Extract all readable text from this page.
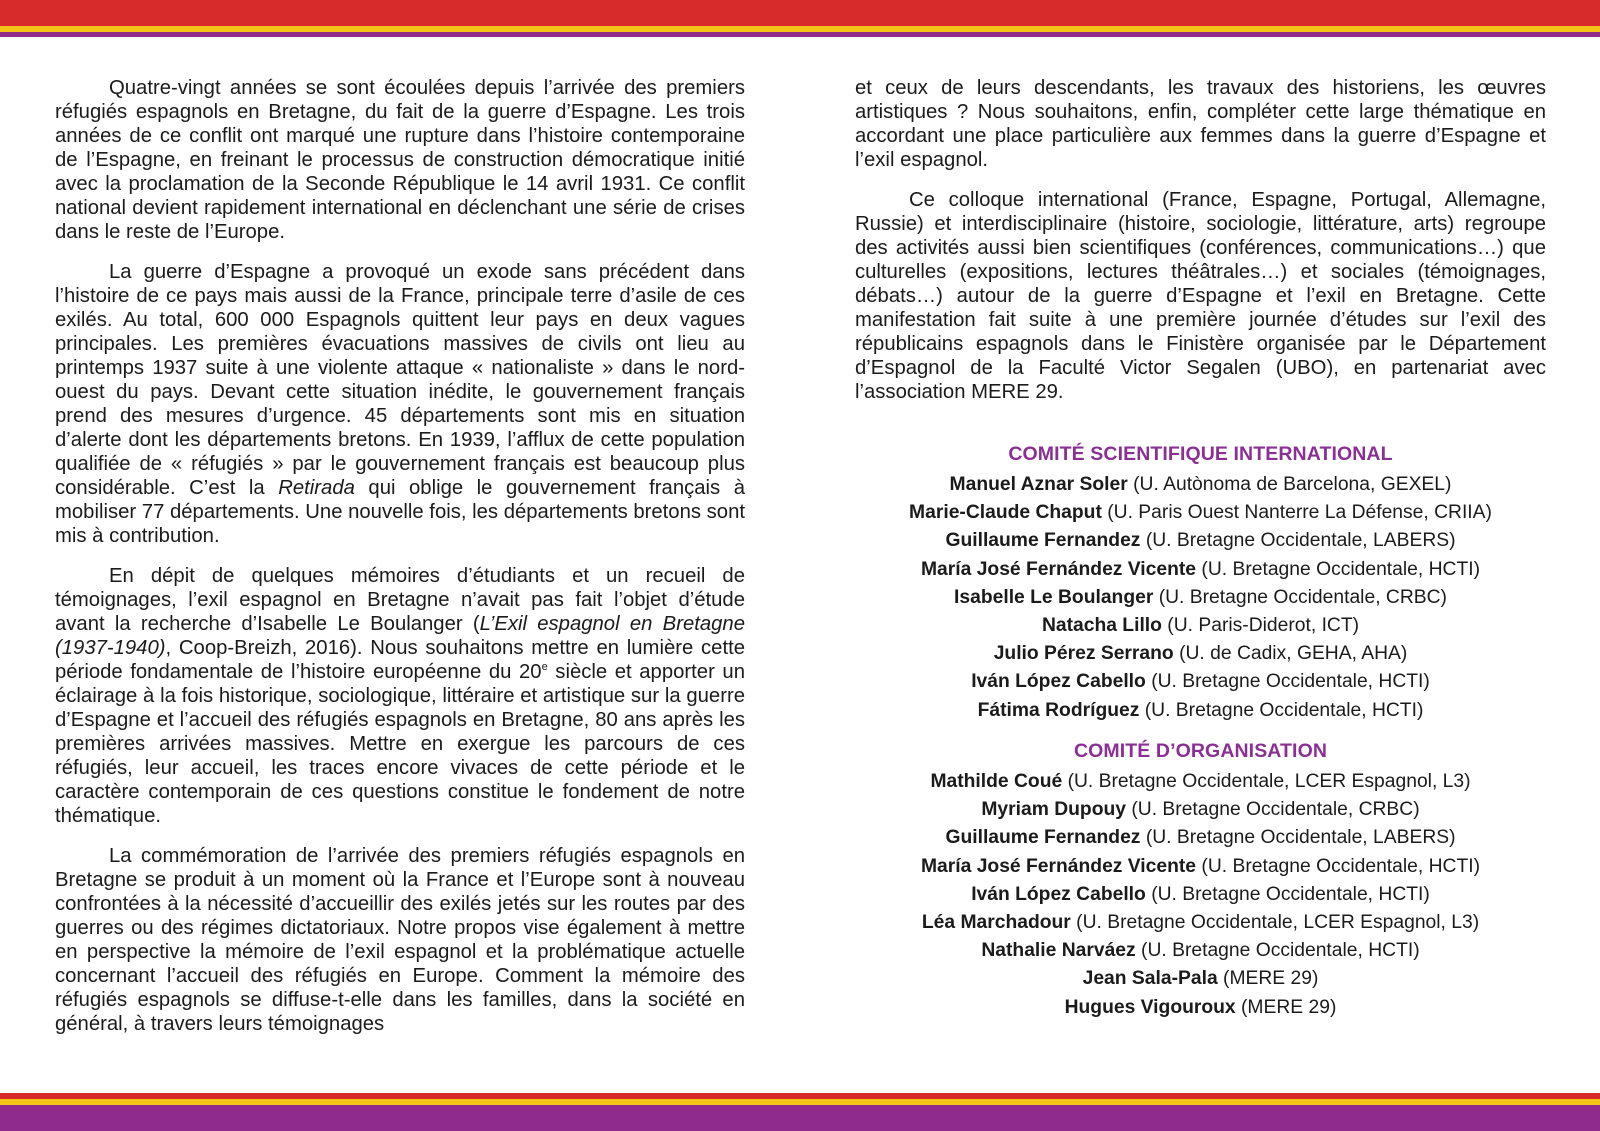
Quatre-vingt années se sont écoulées depuis l’arrivée des premiers réfugiés espagnols en Bretagne, du fait de la guerre d’Espagne. Les trois années de ce conflit ont marqué une rupture dans l’histoire contemporaine de l’Espagne, en freinant le processus de construction démocratique initié avec la proclamation de la Seconde République le 14 avril 1931. Ce conflit national devient rapidement international en déclenchant une série de crises dans le reste de l’Europe.

La guerre d’Espagne a provoqué un exode sans précédent dans l’histoire de ce pays mais aussi de la France, principale terre d’asile de ces exilés. Au total, 600 000 Espagnols quittent leur pays en deux vagues principales. Les premières évacuations massives de civils ont lieu au printemps 1937 suite à une violente attaque « nationaliste » dans le nord-ouest du pays. Devant cette situation inédite, le gouvernement français prend des mesures d’urgence. 45 départements sont mis en situation d’alerte dont les départements bretons. En 1939, l’afflux de cette population qualifiée de « réfugiés » par le gouvernement français est beaucoup plus considérable. C’est la Retirada qui oblige le gouvernement français à mobiliser 77 départements. Une nouvelle fois, les départements bretons sont mis à contribution.

En dépit de quelques mémoires d’étudiants et un recueil de témoignages, l’exil espagnol en Bretagne n’avait pas fait l’objet d’étude avant la recherche d’Isabelle Le Boulanger (L’Exil espagnol en Bretagne (1937-1940), Coop-Breizh, 2016). Nous souhaitons mettre en lumière cette période fondamentale de l’histoire européenne du 20e siècle et apporter un éclairage à la fois historique, sociologique, littéraire et artistique sur la guerre d’Espagne et l’accueil des réfugiés espagnols en Bretagne, 80 ans après les premières arrivées massives. Mettre en exergue les parcours de ces réfugiés, leur accueil, les traces encore vivaces de cette période et le caractère contemporain de ces questions constitue le fondement de notre thématique.

La commémoration de l’arrivée des premiers réfugiés espagnols en Bretagne se produit à un moment où la France et l’Europe sont à nouveau confrontées à la nécessité d’accueillir des exilés jetés sur les routes par des guerres ou des régimes dictatoriaux. Notre propos vise également à mettre en perspective la mémoire de l’exil espagnol et la problématique actuelle concernant l’accueil des réfugiés en Europe. Comment la mémoire des réfugiés espagnols se diffuse-t-elle dans les familles, dans la société en général, à travers leurs témoignages

et ceux de leurs descendants, les travaux des historiens, les œuvres artistiques ? Nous souhaitons, enfin, compléter cette large thématique en accordant une place particulière aux femmes dans la guerre d’Espagne et l’exil espagnol.

Ce colloque international (France, Espagne, Portugal, Allemagne, Russie) et interdisciplinaire (histoire, sociologie, littérature, arts) regroupe des activités aussi bien scientifiques (conférences, communications…) que culturelles (expositions, lectures théâtrales…) et sociales (témoignages, débats…) autour de la guerre d’Espagne et l’exil en Bretagne. Cette manifestation fait suite à une première journée d’études sur l’exil des républicains espagnols dans le Finistère organisée par le Département d’Espagnol de la Faculté Victor Segalen (UBO), en partenariat avec l’association MERE 29.

COMITÉ SCIENTIFIQUE INTERNATIONAL
Manuel Aznar Soler (U. Autònoma de Barcelona, GEXEL)
Marie-Claude Chaput (U. Paris Ouest Nanterre La Défense, CRIIA)
Guillaume Fernandez (U. Bretagne Occidentale, LABERS)
María José Fernández Vicente (U. Bretagne Occidentale, HCTI)
Isabelle Le Boulanger (U. Bretagne Occidentale, CRBC)
Natacha Lillo (U. Paris-Diderot, ICT)
Julio Pérez Serrano (U. de Cadix, GEHA, AHA)
Iván López Cabello (U. Bretagne Occidentale, HCTI)
Fátima Rodríguez (U. Bretagne Occidentale, HCTI)
COMITÉ D’ORGANISATION
Mathilde Coué (U. Bretagne Occidentale, LCER Espagnol, L3)
Myriam Dupouy (U. Bretagne Occidentale, CRBC)
Guillaume Fernandez (U. Bretagne Occidentale, LABERS)
María José Fernández Vicente (U. Bretagne Occidentale, HCTI)
Iván López Cabello (U. Bretagne Occidentale, HCTI)
Léa Marchadour (U. Bretagne Occidentale, LCER Espagnol, L3)
Nathalie Narváez (U. Bretagne Occidentale, HCTI)
Jean Sala-Pala (MERE 29)
Hugues Vigouroux (MERE 29)
